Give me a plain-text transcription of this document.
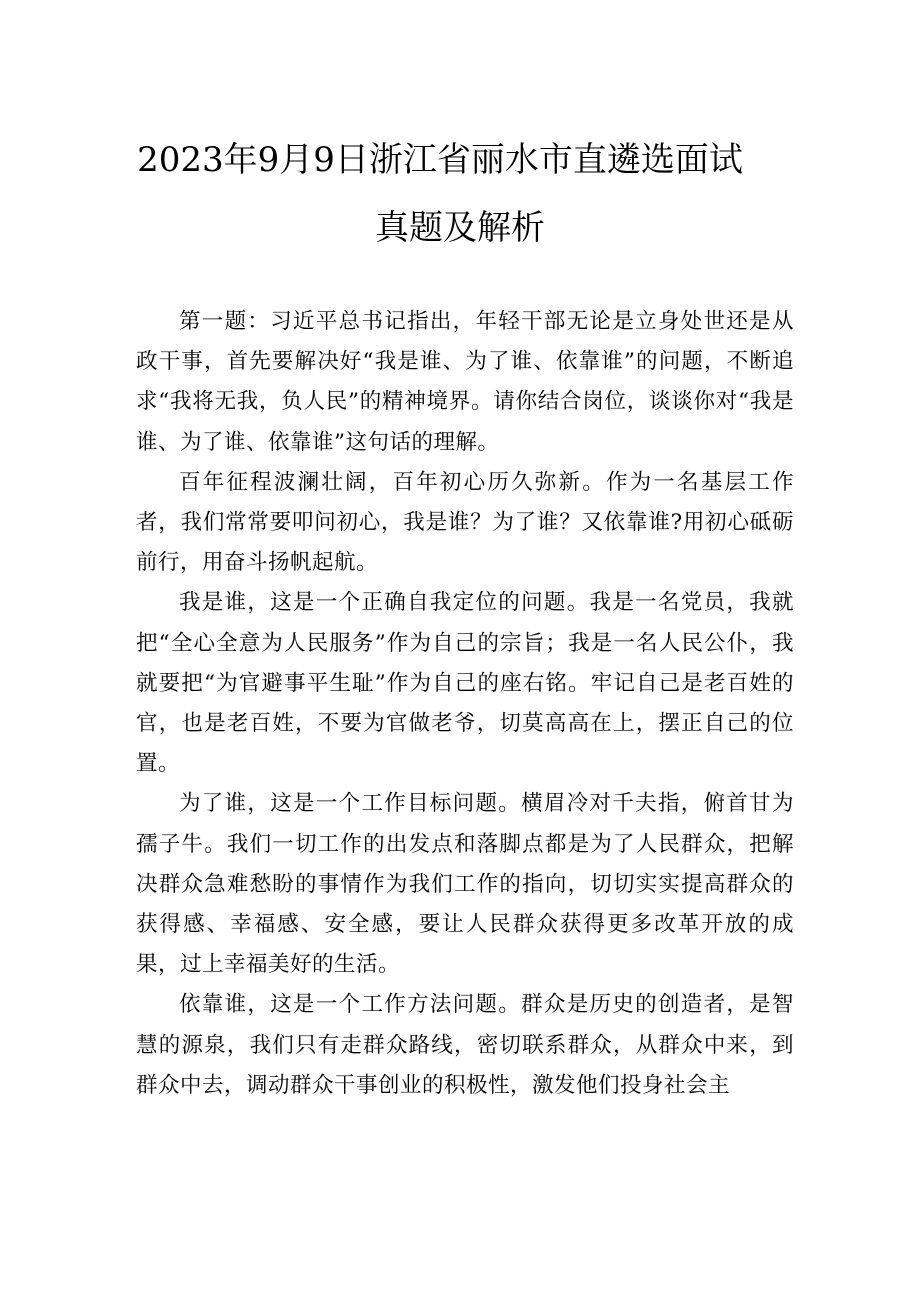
2023年9月9日浙江省丽水市直遴选面试
真题及解析

第一题：习近平总书记指出，年轻干部无论是立身处世还是从政干事，首先要解决好“我是谁、为了谁、依靠谁”的问题，不断追求“我将无我，负人民”的精神境界。请你结合岗位，谈谈你对“我是谁、为了谁、依靠谁”这句话的理解。

百年征程波澜壮阔，百年初心历久弥新。作为一名基层工作者，我们常常要叩问初心，我是谁？为了谁？又依靠谁?用初心砥砺前行，用奋斗扬帆起航。

我是谁，这是一个正确自我定位的问题。我是一名党员，我就把“全心全意为人民服务”作为自己的宗旨；我是一名人民公仆，我就要把“为官避事平生耻”作为自己的座右铭。牢记自己是老百姓的官，也是老百姓，不要为官做老爷，切莫高高在上，摆正自己的位置。

为了谁，这是一个工作目标问题。横眉冷对千夫指，俯首甘为孺子牛。我们一切工作的出发点和落脚点都是为了人民群众，把解决群众急难愁盼的事情作为我们工作的指向，切切实实提高群众的获得感、幸福感、安全感，要让人民群众获得更多改革开放的成果，过上幸福美好的生活。

依靠谁，这是一个工作方法问题。群众是历史的创造者，是智慧的源泉，我们只有走群众路线，密切联系群众，从群众中来，到群众中去，调动群众干事创业的积极性，激发他们投身社会主
